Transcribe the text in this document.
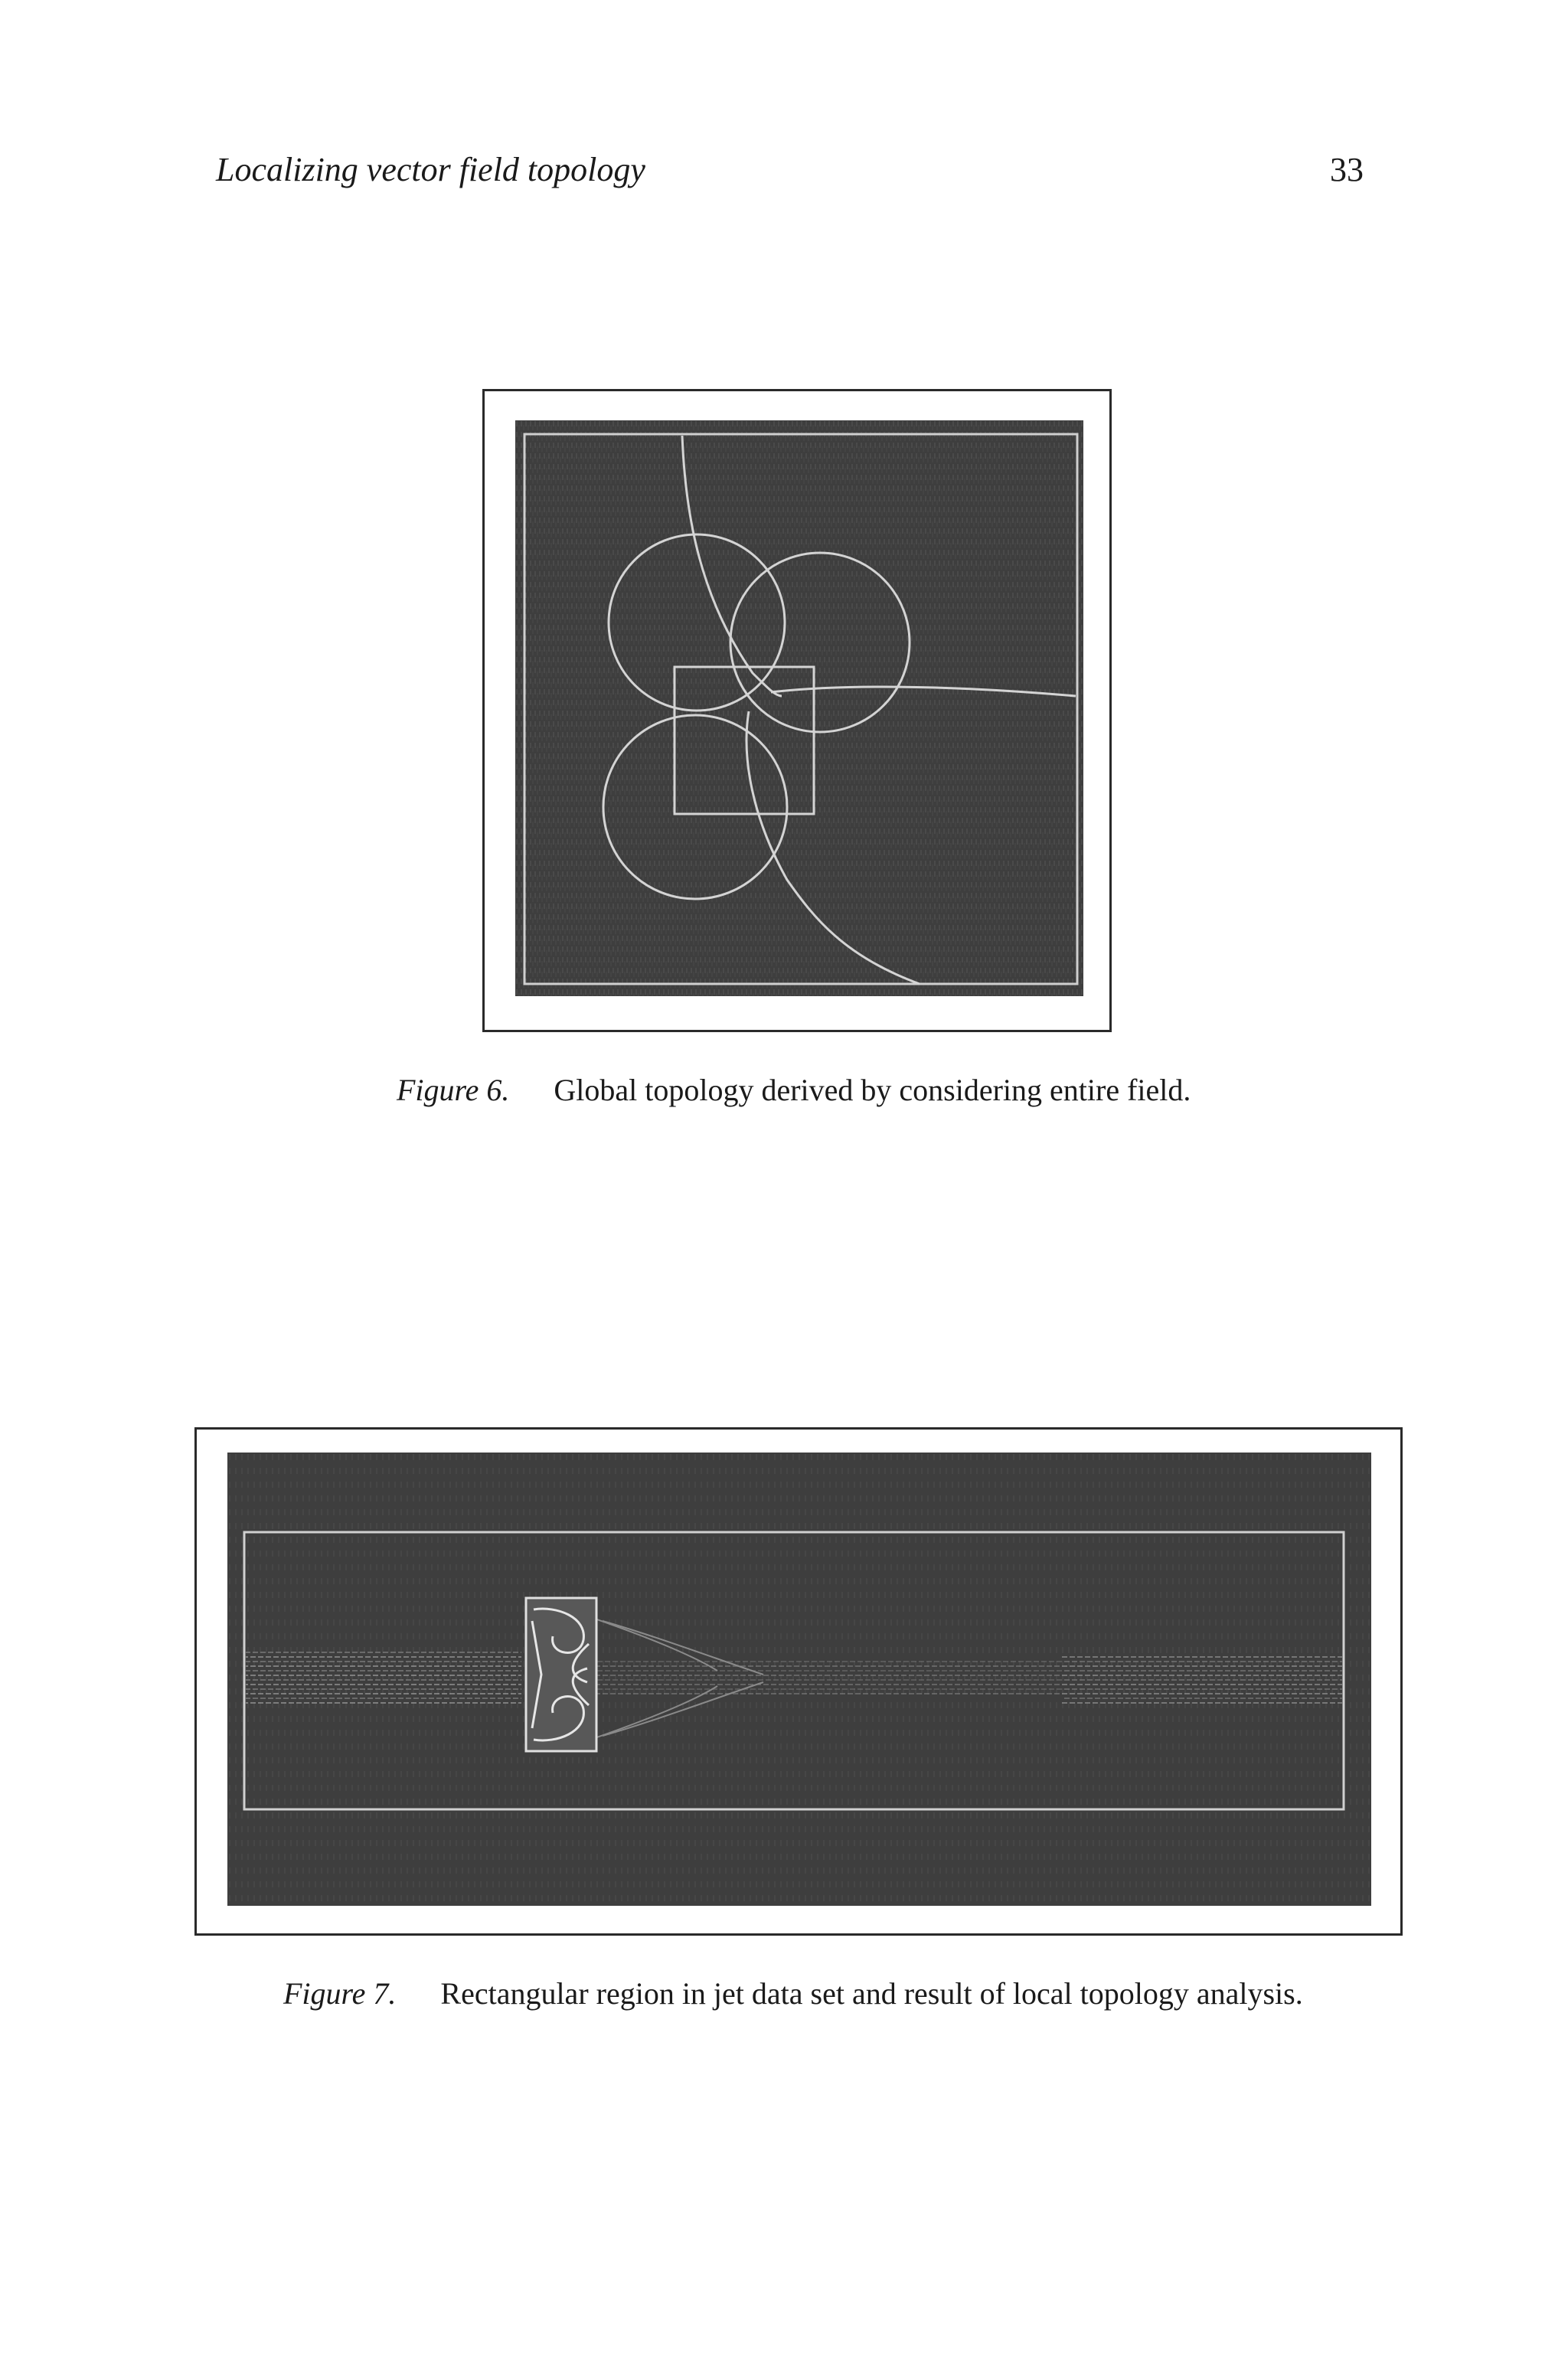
Localizing vector field topology	33
Figure 6. Global topology derived by considering entire field.
Figure 7. Rectangular region in jet data set and result of local topology analysis.
